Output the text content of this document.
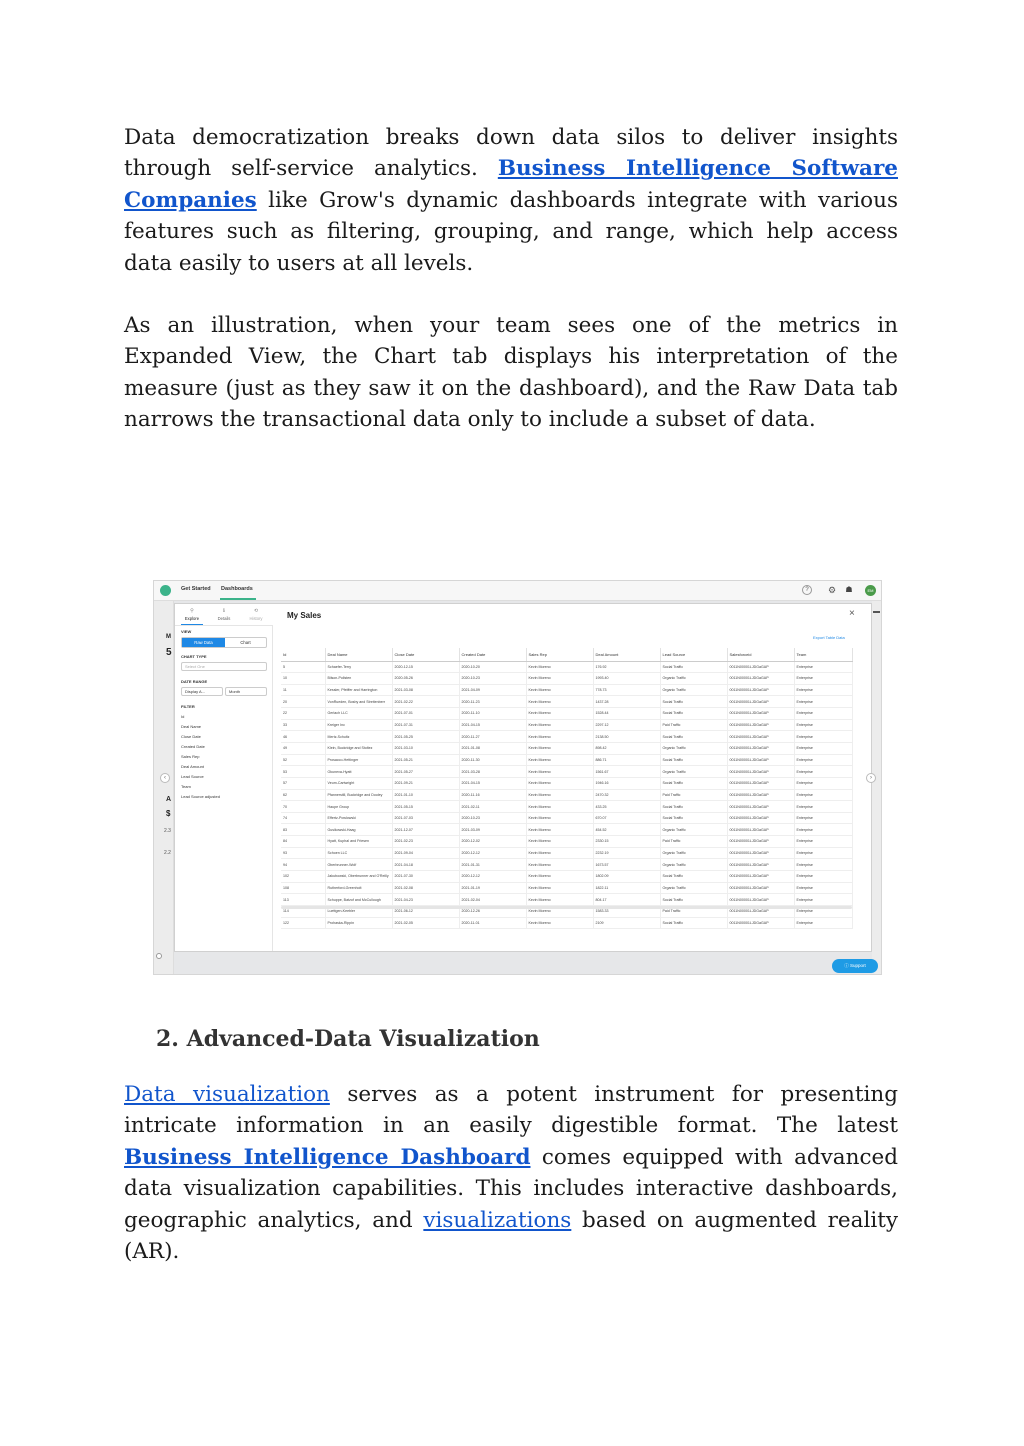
Data democratization breaks down data silos to deliver insights through self-service analytics. Business Intelligence Software Companies like Grow's dynamic dashboards integrate with various features such as filtering, grouping, and range, which help access data easily to users at all levels.

As an illustration, when your team sees one of the metrics in Expanded View, the Chart tab displays his interpretation of the measure (just as they saw it on the dashboard), and the Raw Data tab narrows the transactional data only to include a subset of data.

Get Started Dashboards	?	⚙ ☗	EM
M
5
A
$
2.3
2.2
‹
⚲
Explore
ℹ
Details
⟲
History
VIEW
Raw Data	Chart
CHART TYPE
Select One
DATE RANGE
Display A...	Month
FILTER
Id
Deal Name
Close Date
Created Date
Sales Rep
Deal Amount
Lead Source
Team
Lead Source adjusted
My Sales	×
Export Table Data
Id	Deal Name	Close Date	Created Date	Sales Rep	Deal Amount	Lead Source	Salesforceid	Team
5	Schaefer-Terry	2020-12-15	2020-10-20	Kevin Moreno	176.92	Social Traffic	0011N00001LJDGaGAP	Enterprise
10	Bilson-Pollsten	2020-05-26	2020-10-23	Kevin Moreno	1993.40	Organic Traffic	0011N00001LJDGaGAP	Enterprise
11	Kessler, Pfeiffer and Harrington	2021-03-08	2021-04-09	Kevin Moreno	778.73	Organic Traffic	0011N00001LJDGaGAP	Enterprise
20	VonRueden, Bosby and Streitenberr	2021-02-22	2020-11-23	Kevin Moreno	1437.28	Social Traffic	0011N00001LJDGaGAP	Enterprise
22	Gerlach LLC	2021-07-01	2020-11-10	Kevin Moreno	1528.44	Social Traffic	0011N00001LJDGaGAP	Enterprise
33	Kreiger Inc	2021-07-31	2021-04-15	Kevin Moreno	2297.12	Paid Traffic	0011N00001LJDGaGAP	Enterprise
46	Mertz-Schultz	2021-05-25	2020-11-27	Kevin Moreno	2138.50	Social Traffic	0011N00001LJDGaGAP	Enterprise
49	Klein, Buckridge and Stoltez	2021-03-10	2021-01-08	Kevin Moreno	898.42	Organic Traffic	0011N00001LJDGaGAP	Enterprise
52	Prosacco-Hettinger	2021-05-21	2020-11-30	Kevin Moreno	886.71	Social Traffic	0011N00001LJDGaGAP	Enterprise
53	Okuneva-Hyatt	2021-05-27	2021-03-28	Kevin Moreno	1561.67	Organic Traffic	0011N00001LJDGaGAP	Enterprise
57	Veum-Cartwright	2021-09-21	2021-04-15	Kevin Moreno	1946.16	Social Traffic	0011N00001LJDGaGAP	Enterprise
62	Pfannerstill, Buckridge and Dooley	2021-01-10	2020-11-16	Kevin Moreno	2470.32	Paid Traffic	0011N00001LJDGaGAP	Enterprise
70	Haupe Group	2021-05-15	2021-02-11	Kevin Moreno	433.25	Social Traffic	0011N00001LJDGaGAP	Enterprise
74	Effertz-Powlowski	2021-07-03	2020-10-23	Kevin Moreno	670.07	Social Traffic	0011N00001LJDGaGAP	Enterprise
83	Gusikowski-Haag	2021-12-07	2021-03-09	Kevin Moreno	454.52	Organic Traffic	0011N00001LJDGaGAP	Enterprise
84	Hyatt, Kuphal and Friesen	2021-02-23	2020-12-02	Kevin Moreno	2330.15	Paid Traffic	0011N00001LJDGaGAP	Enterprise
93	Schoen LLC	2021-09-04	2020-12-12	Kevin Moreno	2232.19	Organic Traffic	0011N00001LJDGaGAP	Enterprise
94	Oberbrunner-Wolf	2021-04-18	2021-01-31	Kevin Moreno	1673.57	Organic Traffic	0011N00001LJDGaGAP	Enterprise
102	Jakubowski, Oberbrunner and O'Reilly	2021-07-30	2020-12-12	Kevin Moreno	1802.09	Social Traffic	0011N00001LJDGaGAP	Enterprise
108	Rutherford-Greenholt	2021-02-08	2021-01-19	Kevin Moreno	1822.11	Organic Traffic	0011N00001LJDGaGAP	Enterprise
113	Schuppe, Batzof and McCullough	2021-04-23	2021-02-04	Kevin Moreno	804.17	Social Traffic	0011N00001LJDGaGAP	Enterprise
114	Luettgen-Keebler	2021-06-12	2020-12-26	Kevin Moreno	1583.33	Paid Traffic	0011N00001LJDGaGAP	Enterprise
122	Prohaska-Rippin	2021-02-05	2020-11-01	Kevin Moreno	2109	Social Traffic	0011N00001LJDGaGAP	Enterprise
›
ⓘ Support
2. Advanced-Data Visualization

Data visualization serves as a potent instrument for presenting intricate information in an easily digestible format. The latest Business Intelligence Dashboard comes equipped with advanced data visualization capabilities. This includes interactive dashboards, geographic analytics, and visualizations based on augmented reality (AR).
